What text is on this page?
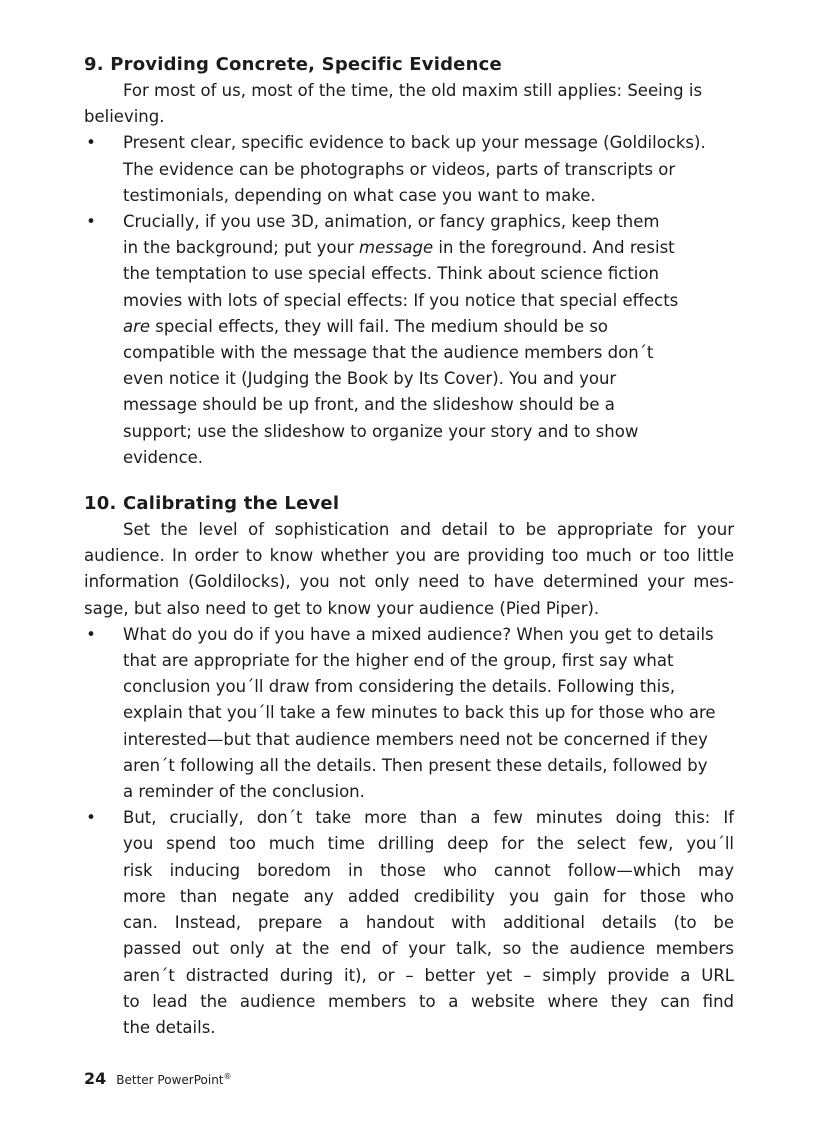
9. Providing Concrete, Specific Evidence

For most of us, most of the time, the old maxim still applies: Seeing is
believing.

• Present clear, specific evidence to back up your message (Goldilocks).
The evidence can be photographs or videos, parts of transcripts or
testimonials, depending on what case you want to make.
• Crucially, if you use 3D, animation, or fancy graphics, keep them
in the background; put your message in the foreground. And resist
the temptation to use special effects. Think about science fiction
movies with lots of special effects: If you notice that special effects
are special effects, they will fail. The medium should be so
compatible with the message that the audience members don´t
even notice it (Judging the Book by Its Cover). You and your
message should be up front, and the slideshow should be a
support; use the slideshow to organize your story and to show
evidence.
10. Calibrating the Level

Set the level of sophistication and detail to be appropriate for your
audience. In order to know whether you are providing too much or too little
information (Goldilocks), you not only need to have determined your mes-
sage, but also need to get to know your audience (Pied Piper).

• What do you do if you have a mixed audience? When you get to details
that are appropriate for the higher end of the group, first say what
conclusion you´ll draw from considering the details. Following this,
explain that you´ll take a few minutes to back this up for those who are
interested—but that audience members need not be concerned if they
aren´t following all the details. Then present these details, followed by
a reminder of the conclusion.
• But, crucially, don´t take more than a few minutes doing this: If
you spend too much time drilling deep for the select few, you´ll
risk inducing boredom in those who cannot follow—which may
more than negate any added credibility you gain for those who
can. Instead, prepare a handout with additional details (to be
passed out only at the end of your talk, so the audience members
aren´t distracted during it), or – better yet – simply provide a URL
to lead the audience members to a website where they can find
the details.
24 Better PowerPoint®
